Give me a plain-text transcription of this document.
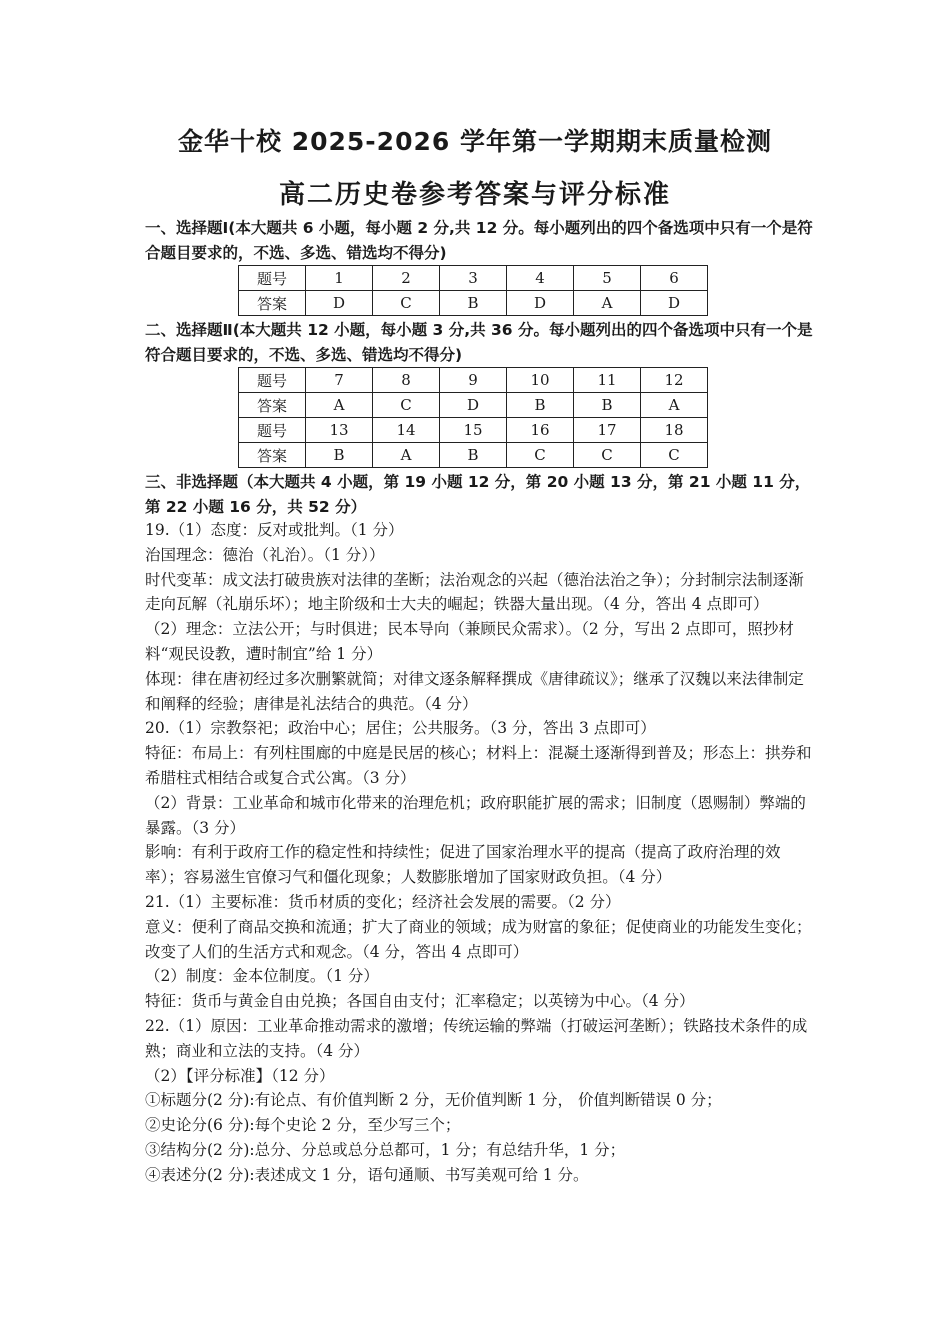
金华十校 2025-2026 学年第一学期期末质量检测
高二历史卷参考答案与评分标准
一、选择题Ⅰ(本大题共 6 小题，每小题 2 分,共 12 分。每小题列出的四个备选项中只有一个是符合题目要求的，不选、多选、错选均不得分)
题号	1	2	3	4	5	6
答案	D	C	B	D	A	D
二、选择题Ⅱ(本大题共 12 小题，每小题 3 分,共 36 分。每小题列出的四个备选项中只有一个是符合题目要求的，不选、多选、错选均不得分)
题号	7	8	9	10	11	12
答案	A	C	D	B	B	A
题号	13	14	15	16	17	18
答案	B	A	B	C	C	C
三、非选择题（本大题共 4 小题，第 19 小题 12 分，第 20 小题 13 分，第 21 小题 11 分，第 22 小题 16 分，共 52 分）

19.（1）态度：反对或批判。（1 分）

治国理念：德治（礼治）。（1 分））

时代变革：成文法打破贵族对法律的垄断；法治观念的兴起（德治法治之争）；分封制宗法制逐渐走向瓦解（礼崩乐坏）；地主阶级和士大夫的崛起；铁器大量出现。（4 分，答出 4 点即可）

（2）理念：立法公开；与时俱进；民本导向（兼顾民众需求）。（2 分，写出 2 点即可，照抄材料“观民设教，遭时制宜”给 1 分）

体现：律在唐初经过多次删繁就简；对律文逐条解释撰成《唐律疏议》；继承了汉魏以来法律制定和阐释的经验；唐律是礼法结合的典范。（4 分）

20.（1）宗教祭祀；政治中心；居住；公共服务。（3 分，答出 3 点即可）

特征：布局上：有列柱围廊的中庭是民居的核心；材料上：混凝土逐渐得到普及；形态上：拱券和希腊柱式相结合或复合式公寓。（3 分）

（2）背景：工业革命和城市化带来的治理危机；政府职能扩展的需求；旧制度（恩赐制）弊端的暴露。（3 分）

影响：有利于政府工作的稳定性和持续性；促进了国家治理水平的提高（提高了政府治理的效率）；容易滋生官僚习气和僵化现象；人数膨胀增加了国家财政负担。（4 分）

21.（1）主要标准：货币材质的变化；经济社会发展的需要。（2 分）

意义：便利了商品交换和流通；扩大了商业的领域；成为财富的象征；促使商业的功能发生变化；改变了人们的生活方式和观念。（4 分，答出 4 点即可）

（2）制度：金本位制度。（1 分）

特征：货币与黄金自由兑换；各国自由支付；汇率稳定；以英镑为中心。（4 分）

22.（1）原因：工业革命推动需求的激增；传统运输的弊端（打破运河垄断）；铁路技术条件的成熟；商业和立法的支持。（4 分）

（2）【评分标准】（12 分）

①标题分(2 分):有论点、有价值判断 2 分，无价值判断 1 分， 价值判断错误 0 分；

②史论分(6 分):每个史论 2 分，至少写三个；

③结构分(2 分):总分、分总或总分总都可，1 分；有总结升华，1 分；

④表述分(2 分):表述成文 1 分，语句通顺、书写美观可给 1 分。
